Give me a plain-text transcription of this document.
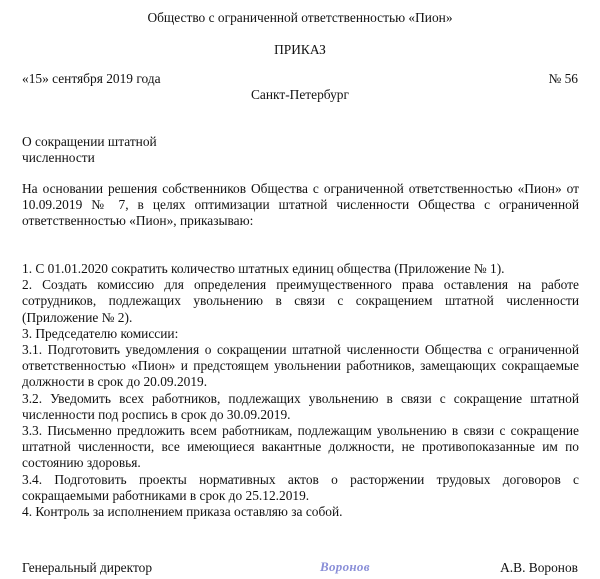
Общество с ограниченной ответственностью «Пион»
ПРИКАЗ
«15» сентября 2019 года	№ 56
Санкт-Петербург
О сокращении штатной
численности

На основании решения собственников Общества с ограниченной ответственностью «Пион» от 10.09.2019 № 7, в целях оптимизации штатной численности Общества с ограниченной ответственностью «Пион», приказываю:

1. С 01.01.2020 сократить количество штатных единиц общества (Приложение № 1).

2. Создать комиссию для определения преимущественного права оставления на работе сотрудников, подлежащих увольнению в связи с сокращением штатной численности (Приложение № 2).

3. Председателю комиссии:

3.1. Подготовить уведомления о сокращении штатной численности Общества с ограниченной ответственностью «Пион» и предстоящем увольнении работников, замещающих сокращаемые должности в срок до 20.09.2019.

3.2. Уведомить всех работников, подлежащих увольнению в связи с сокращение штатной численности под роспись в срок до 30.09.2019.

3.3. Письменно предложить всем работникам, подлежащим увольнению в связи с сокращение штатной численности, все имеющиеся вакантные должности, не противопоказанные им по состоянию здоровья.

3.4. Подготовить проекты нормативных актов о расторжении трудовых договоров с сокращаемыми работниками в срок до 25.12.2019.

4. Контроль за исполнением приказа оставляю за собой.

Генеральный директор	Воронов	А.В. Воронов
